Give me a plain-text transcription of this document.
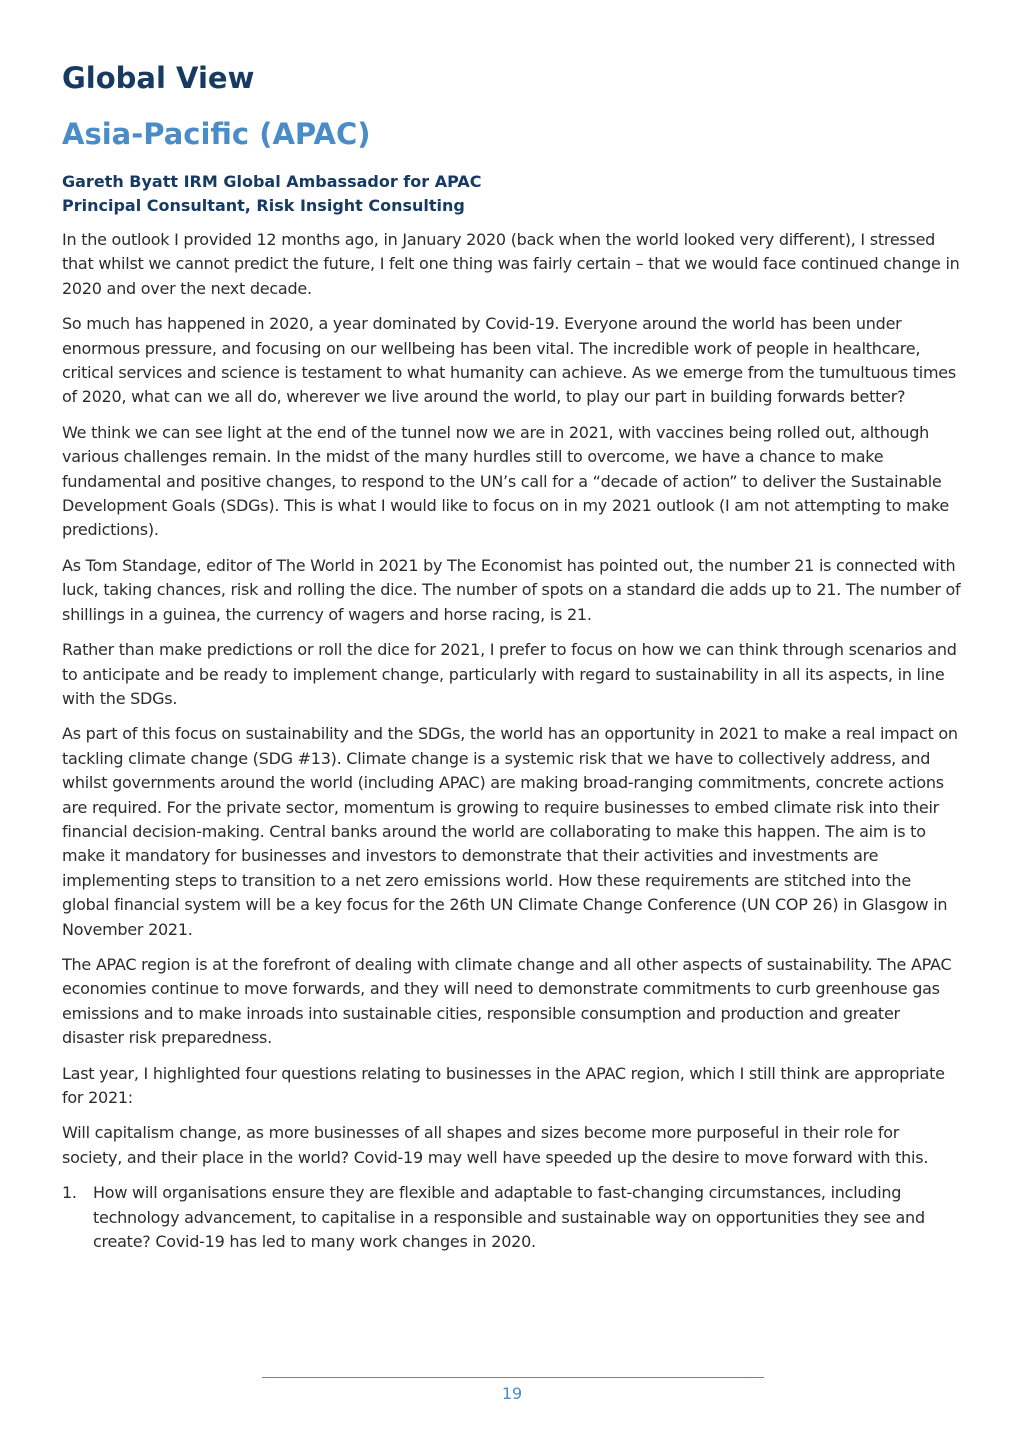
Global View
Asia-Pacific (APAC)
Gareth Byatt IRM Global Ambassador for APAC
Principal Consultant, Risk Insight Consulting

In the outlook I provided 12 months ago, in January 2020 (back when the world looked very different), I stressed that whilst we cannot predict the future, I felt one thing was fairly certain – that we would face continued change in 2020 and over the next decade.

So much has happened in 2020, a year dominated by Covid-19. Everyone around the world has been under enormous pressure, and focusing on our wellbeing has been vital. The incredible work of people in healthcare, critical services and science is testament to what humanity can achieve. As we emerge from the tumultuous times of 2020, what can we all do, wherever we live around the world, to play our part in building forwards better?

We think we can see light at the end of the tunnel now we are in 2021, with vaccines being rolled out, although various challenges remain. In the midst of the many hurdles still to overcome, we have a chance to make fundamental and positive changes, to respond to the UN’s call for a “decade of action” to deliver the Sustainable Development Goals (SDGs). This is what I would like to focus on in my 2021 outlook (I am not attempting to make predictions).

As Tom Standage, editor of The World in 2021 by The Economist has pointed out, the number 21 is connected with luck, taking chances, risk and rolling the dice. The number of spots on a standard die adds up to 21. The number of shillings in a guinea, the currency of wagers and horse racing, is 21.

Rather than make predictions or roll the dice for 2021, I prefer to focus on how we can think through scenarios and to anticipate and be ready to implement change, particularly with regard to sustainability in all its aspects, in line with the SDGs.

As part of this focus on sustainability and the SDGs, the world has an opportunity in 2021 to make a real impact on tackling climate change (SDG #13). Climate change is a systemic risk that we have to collectively address, and whilst governments around the world (including APAC) are making broad-ranging commitments, concrete actions are required. For the private sector, momentum is growing to require businesses to embed climate risk into their financial decision-making. Central banks around the world are collaborating to make this happen. The aim is to make it mandatory for businesses and investors to demonstrate that their activities and investments are implementing steps to transition to a net zero emissions world. How these requirements are stitched into the global financial system will be a key focus for the 26th UN Climate Change Conference (UN COP 26) in Glasgow in November 2021.

The APAC region is at the forefront of dealing with climate change and all other aspects of sustainability. The APAC economies continue to move forwards, and they will need to demonstrate commitments to curb greenhouse gas emissions and to make inroads into sustainable cities, responsible consumption and production and greater disaster risk preparedness.

Last year, I highlighted four questions relating to businesses in the APAC region, which I still think are appropriate for 2021:

Will capitalism change, as more businesses of all shapes and sizes become more purposeful in their role for society, and their place in the world? Covid-19 may well have speeded up the desire to move forward with this.

1.	How will organisations ensure they are flexible and adaptable to fast-changing circumstances, including technology advancement, to capitalise in a responsible and sustainable way on opportunities they see and create? Covid-19 has led to many work changes in 2020.
19
